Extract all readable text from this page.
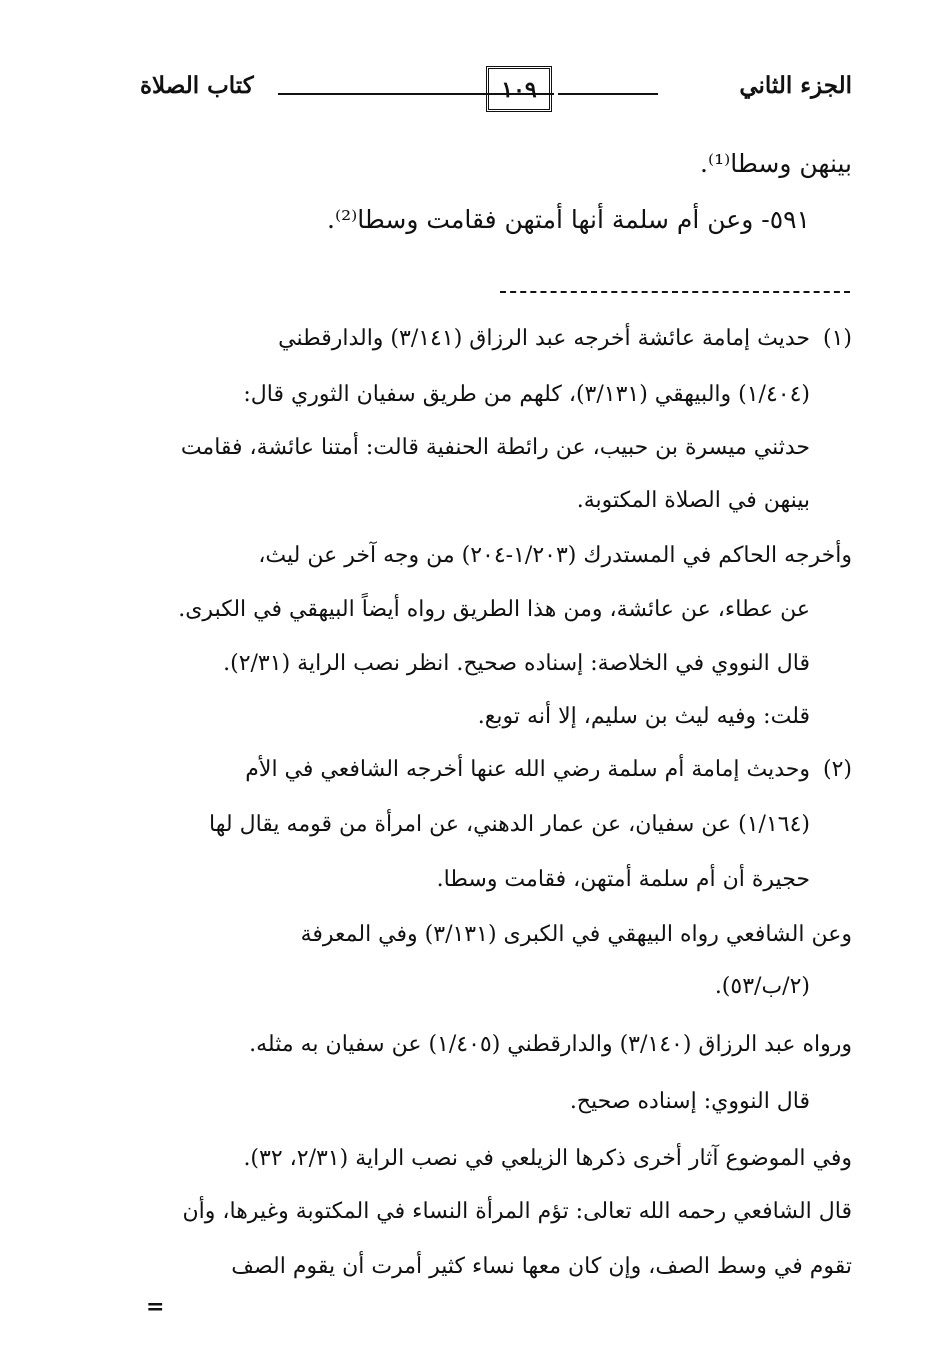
الجزء الثاني
١٠٩
كتاب الصلاة
بينهن وسطا⁽¹⁾.
٥٩١- وعن أم سلمة أنها أمتهن فقامت وسطا⁽²⁾.
(١)
حديث إمامة عائشة أخرجه عبد الرزاق (٣/١٤١) والدارقطني
(١/٤٠٤) والبيهقي (٣/١٣١)، كلهم من طريق سفيان الثوري قال:
حدثني ميسرة بن حبيب، عن رائطة الحنفية قالت: أمتنا عائشة، فقامت
بينهن في الصلاة المكتوبة.
وأخرجه الحاكم في المستدرك (١/٢٠٣-٢٠٤) من وجه آخر عن ليث،
عن عطاء، عن عائشة، ومن هذا الطريق رواه أيضاً البيهقي في الكبرى.
قال النووي في الخلاصة: إسناده صحيح. انظر نصب الراية (٢/٣١).
قلت: وفيه ليث بن سليم، إلا أنه توبع.
(٢)
وحديث إمامة أم سلمة رضي الله عنها أخرجه الشافعي في الأم
(١/١٦٤) عن سفيان، عن عمار الدهني، عن امرأة من قومه يقال لها
حجيرة أن أم سلمة أمتهن، فقامت وسطا.
وعن الشافعي رواه البيهقي في الكبرى (٣/١٣١) وفي المعرفة
(٢/ب/٥٣).
ورواه عبد الرزاق (٣/١٤٠) والدارقطني (١/٤٠٥) عن سفيان به مثله.
قال النووي: إسناده صحيح.
وفي الموضوع آثار أخرى ذكرها الزيلعي في نصب الراية (٢/٣١، ٣٢).
قال الشافعي رحمه الله تعالى: تؤم المرأة النساء في المكتوبة وغيرها، وأن
تقوم في وسط الصف، وإن كان معها نساء كثير أمرت أن يقوم الصف
=
